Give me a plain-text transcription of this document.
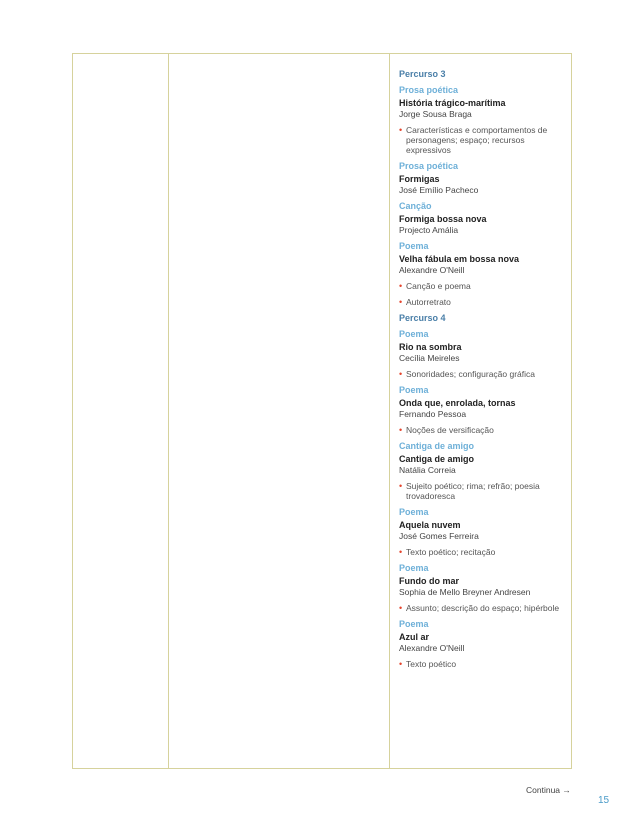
Percurso 3
Prosa poética
História trágico-marítima
Jorge Sousa Braga
• Características e comportamentos de personagens; espaço; recursos expressivos
Prosa poética
Formigas
José Emílio Pacheco
Canção
Formiga bossa nova
Projecto Amália
Poema
Velha fábula em bossa nova
Alexandre O'Neill
• Canção e poema
• Autorretrato
Percurso 4
Poema
Rio na sombra
Cecília Meireles
• Sonoridades; configuração gráfica
Poema
Onda que, enrolada, tornas
Fernando Pessoa
• Noções de versificação
Cantiga de amigo
Cantiga de amigo
Natália Correia
• Sujeito poético; rima; refrão; poesia trovadoresca
Poema
Aquela nuvem
José Gomes Ferreira
• Texto poético; recitação
Poema
Fundo do mar
Sophia de Mello Breyner Andresen
• Assunto; descrição do espaço; hipérbole
Poema
Azul ar
Alexandre O'Neill
• Texto poético
Continua →
15
